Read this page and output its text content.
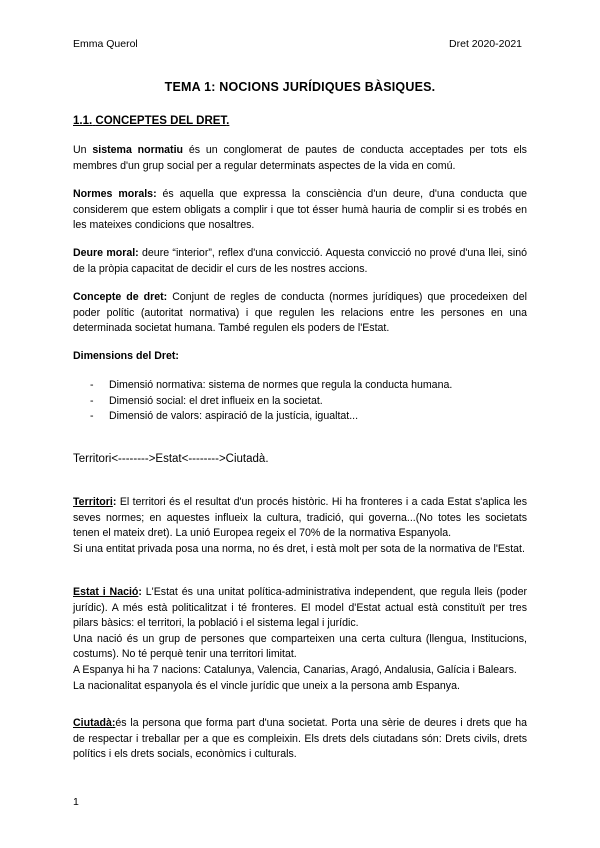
Emma Querol	Dret 2020-2021
TEMA 1: NOCIONS JURÍDIQUES BÀSIQUES.
1.1. CONCEPTES DEL DRET.

Un sistema normatiu és un conglomerat de pautes de conducta acceptades per tots els membres d'un grup social per a regular determinats aspectes de la vida en comú.

Normes morals: és aquella que expressa la consciència d'un deure, d'una conducta que considerem que estem obligats a complir i que tot ésser humà hauria de complir si es trobés en les mateixes condicions que nosaltres.

Deure moral: deure “interior”, reflex d'una convicció. Aquesta convicció no prové d'una llei, sinó de la pròpia capacitat de decidir el curs de les nostres accions.

Concepte de dret: Conjunt de regles de conducta (normes jurídiques) que procedeixen del poder polític (autoritat normativa) i que regulen les relacions entre les persones en una determinada societat humana. També regulen els poders de l'Estat.

Dimensions del Dret:

- Dimensió normativa: sistema de normes que regula la conducta humana.
- Dimensió social: el dret influeix en la societat.
- Dimensió de valors: aspiració de la justícia, igualtat...
Territori<-------->Estat<-------->Ciutadà.

Territori: El territori és el resultat d'un procés històric. Hi ha fronteres i a cada Estat s'aplica les seves normes; en aquestes influeix la cultura, tradició, qui governa...(No totes les societats tenen el mateix dret). La unió Europea regeix el 70% de la normativa Espanyola.

Si una entitat privada posa una norma, no és dret, i està molt per sota de la normativa de l'Estat.

Estat i Nació: L'Estat és una unitat política-administrativa independent, que regula lleis (poder jurídic). A més està politicalitzat i té fronteres. El model d'Estat actual està constituït per tres pilars bàsics: el territori, la població i el sistema legal i jurídic.

Una nació és un grup de persones que comparteixen una certa cultura (llengua, Institucions, costums). No té perquè tenir una territori limitat.

A Espanya hi ha 7 nacions: Catalunya, Valencia, Canarias, Aragó, Andalusia, Galícia i Balears.

La nacionalitat espanyola és el vincle jurídic que uneix a la persona amb Espanya.

Ciutadà:és la persona que forma part d'una societat. Porta una sèrie de deures i drets que ha de respectar i treballar per a que es compleixin. Els drets dels ciutadans són: Drets civils, drets polítics i els drets socials, econòmics i culturals.

1
